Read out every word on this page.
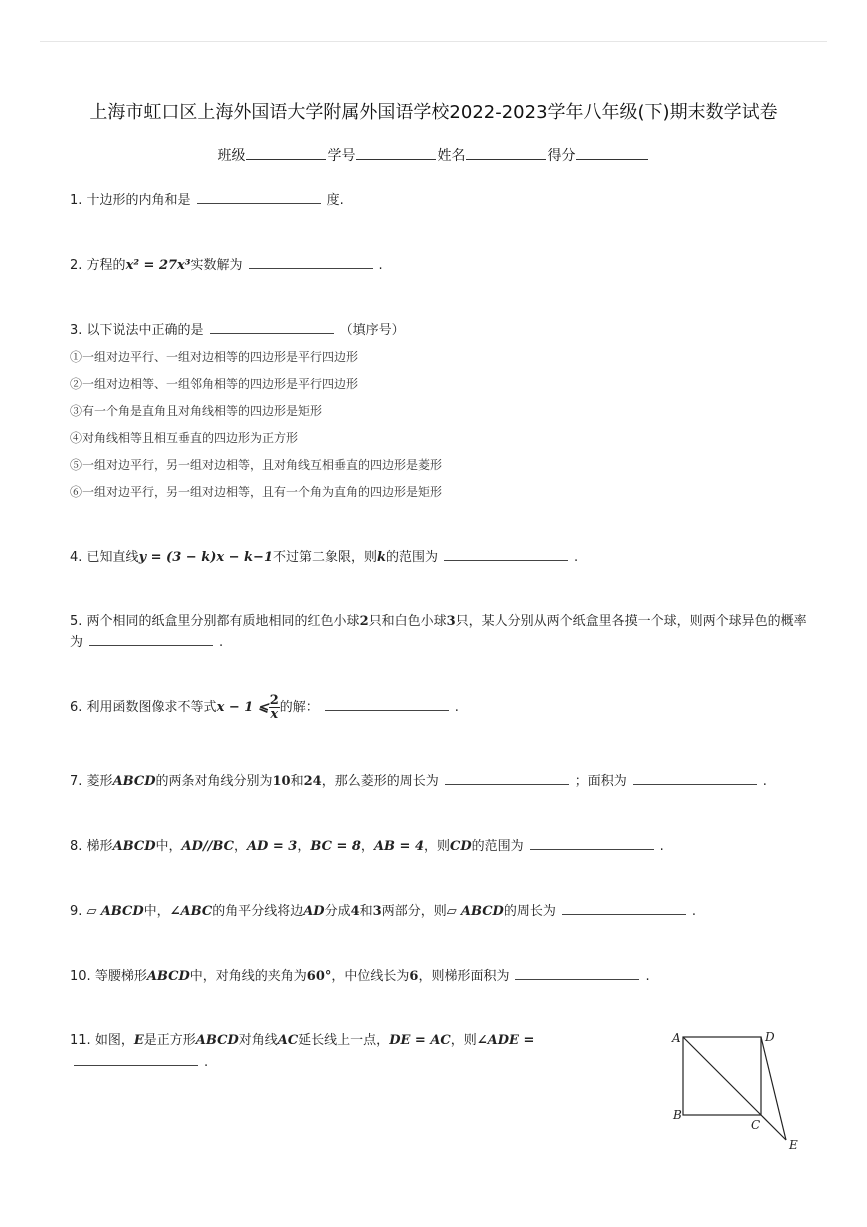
上海市虹口区上海外国语大学附属外国语学校2022-2023学年八年级(下)期末数学试卷
班级	学号	姓名	得分
1. 十边形的内角和是	度.
2. 方程的x² = 27x³实数解为	.
3. 以下说法中正确的是	（填序号）
①一组对边平行、一组对边相等的四边形是平行四边形
②一组对边相等、一组邻角相等的四边形是平行四边形
③有一个角是直角且对角线相等的四边形是矩形
④对角线相等且相互垂直的四边形为正方形
⑤一组对边平行，另一组对边相等，且对角线互相垂直的四边形是菱形
⑥一组对边平行，另一组对边相等，且有一个角为直角的四边形是矩形
4. 已知直线y = (3 − k)x − k−1不过第二象限，则k的范围为	.
5. 两个相同的纸盒里分别都有质地相同的红色小球2只和白色小球3只，某人分别从两个纸盒里各摸一个球，则两个球异色的概率
为	.
6. 利用函数图像求不等式x − 1 ⩽ $\frac{2}{x}$ 的解：	.
7. 菱形ABCD的两条对角线分别为10和24，那么菱形的周长为	；面积为	.
8. 梯形ABCD中，AD//BC，AD = 3，BC = 8，AB = 4，则CD的范围为	.
9. ▱ ABCD中，∠ABC的角平分线将边AD分成4和3两部分，则▱ ABCD的周长为	.
10. 等腰梯形ABCD中，对角线的夹角为60°，中位线长为6，则梯形面积为	.
11. 如图，E是正方形ABCD对角线AC延长线上一点，DE = AC，则∠ADE =
.
A
B
C
D
E
